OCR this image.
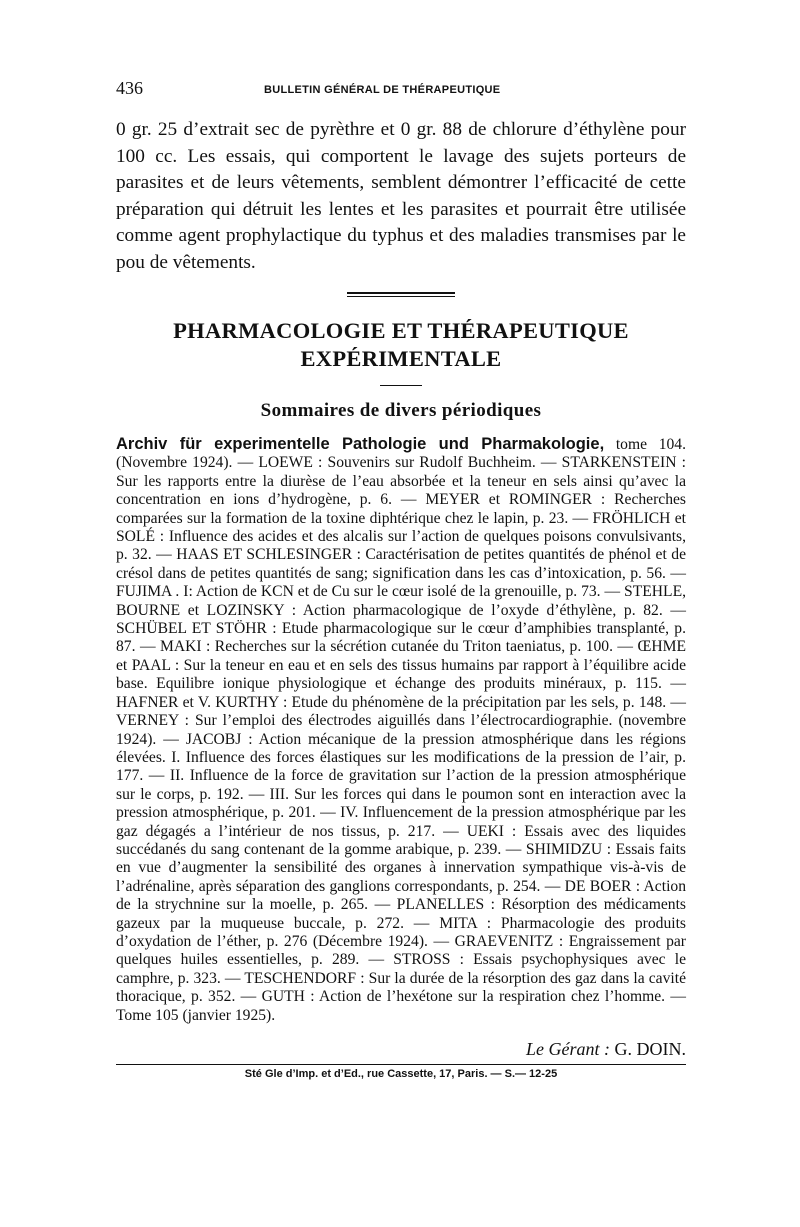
436	BULLETIN GÉNÉRAL DE THÉRAPEUTIQUE

0 gr. 25 d’extrait sec de pyrèthre et 0 gr. 88 de chlorure d’éthylène pour 100 cc. Les essais, qui comportent le lavage des sujets porteurs de parasites et de leurs vêtements, semblent démontrer l’efficacité de cette préparation qui détruit les lentes et les parasites et pourrait être utilisée comme agent prophylactique du typhus et des maladies transmises par le pou de vêtements.

PHARMACOLOGIE ET THÉRAPEUTIQUE
EXPÉRIMENTALE
Sommaires de divers périodiques

Archiv für experimentelle Pathologie und Pharmakologie, tome 104. (Novembre 1924). — LOEWE : Souvenirs sur Rudolf Buchheim. — STARKENSTEIN : Sur les rapports entre la diurèse de l’eau absorbée et la teneur en sels ainsi qu’avec la concentration en ions d’hydrogène, p. 6. — MEYER et ROMINGER : Recherches comparées sur la formation de la toxine diphtérique chez le lapin, p. 23. — FRÖHLICH et SOLÉ : Influence des acides et des alcalis sur l’action de quelques poisons convulsivants, p. 32. — HAAS ET SCHLESINGER : Caractérisation de petites quantités de phénol et de crésol dans de petites quantités de sang; signification dans les cas d’intoxication, p. 56. — FUJIMA . I: Action de KCN et de Cu sur le cœur isolé de la grenouille, p. 73. — STEHLE, BOURNE et LOZINSKY : Action pharmacologique de l’oxyde d’éthylène, p. 82. — SCHÜBEL ET STÖHR : Etude pharmacologique sur le cœur d’amphibies transplanté, p. 87. — MAKI : Recherches sur la sécrétion cutanée du Triton taeniatus, p. 100. — ŒHME et PAAL : Sur la teneur en eau et en sels des tissus humains par rapport à l’équilibre acide base. Equilibre ionique physiologique et échange des produits minéraux, p. 115. — HAFNER et V. KURTHY : Etude du phénomène de la précipitation par les sels, p. 148. — VERNEY : Sur l’emploi des électrodes aiguillés dans l’électrocardiographie. (novembre 1924). — JACOBJ : Action mécanique de la pression atmosphérique dans les régions élevées. I. Influence des forces élastiques sur les modifications de la pression de l’air, p. 177. — II. Influence de la force de gravitation sur l’action de la pression atmosphérique sur le corps, p. 192. — III. Sur les forces qui dans le poumon sont en interaction avec la pression atmosphérique, p. 201. — IV. Influencement de la pression atmosphérique par les gaz dégagés a l’intérieur de nos tissus, p. 217. — UEKI : Essais avec des liquides succédanés du sang contenant de la gomme arabique, p. 239. — SHIMIDZU : Essais faits en vue d’augmenter la sensibilité des organes à innervation sympathique vis-à-vis de l’adrénaline, après séparation des ganglions correspondants, p. 254. — DE BOER : Action de la strychnine sur la moelle, p. 265. — PLANELLES : Résorption des médicaments gazeux par la muqueuse buccale, p. 272. — MITA : Pharmacologie des produits d’oxydation de l’éther, p. 276 (Décembre 1924). — GRAEVENITZ : Engraissement par quelques huiles essentielles, p. 289. — STROSS : Essais psychophysiques avec le camphre, p. 323. — TESCHENDORF : Sur la durée de la résorption des gaz dans la cavité thoracique, p. 352. — GUTH : Action de l’hexétone sur la respiration chez l’homme. — Tome 105 (janvier 1925).

Le Gérant : G. DOIN.
Sté Gle d’Imp. et d’Ed., rue Cassette, 17, Paris. — S.— 12-25
